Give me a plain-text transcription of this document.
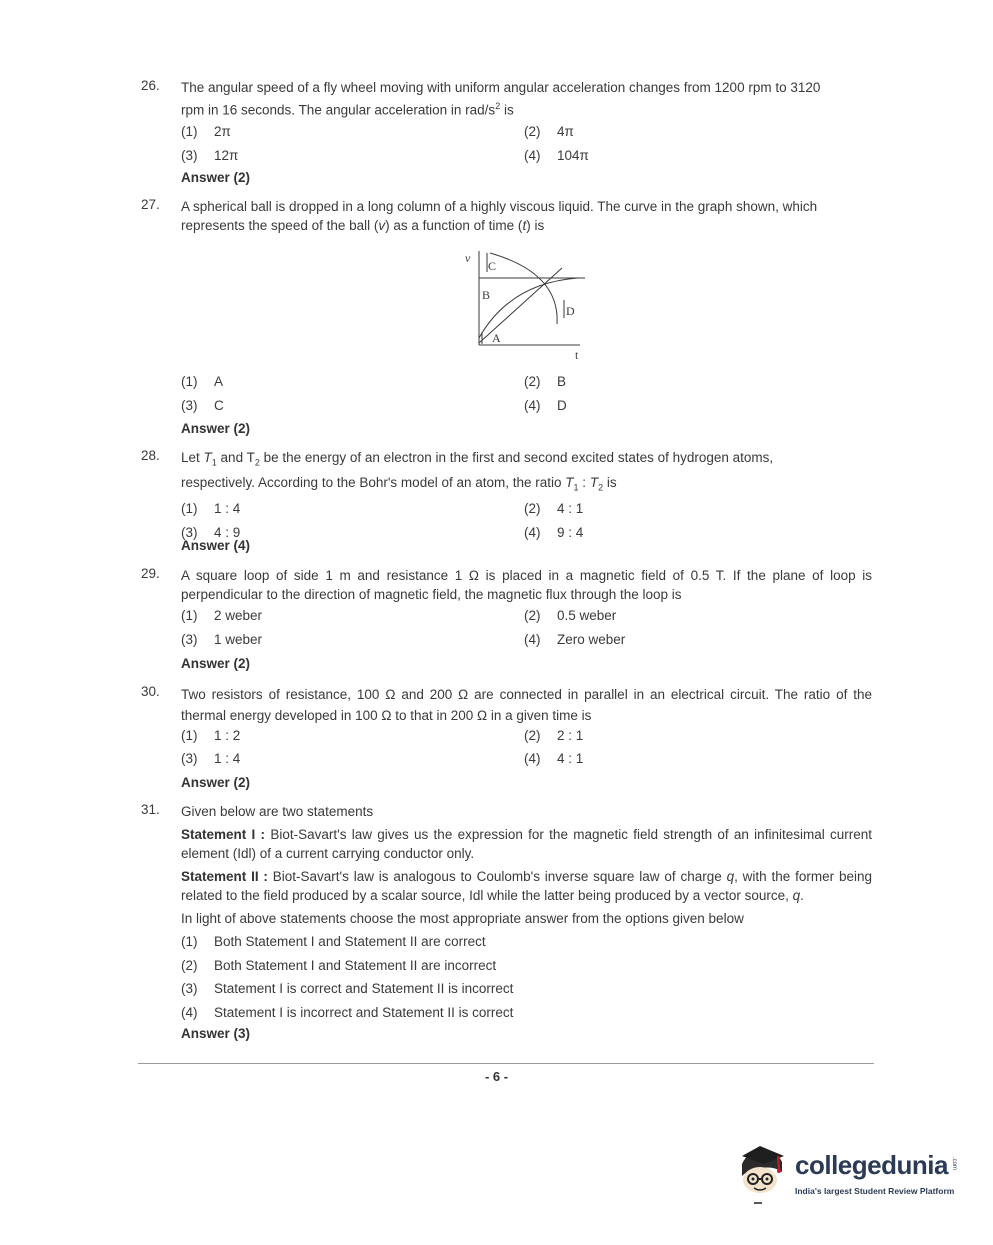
26. The angular speed of a fly wheel moving with uniform angular acceleration changes from 1200 rpm to 3120
rpm in 16 seconds. The angular acceleration in rad/$s^2$ is
(1) 2π	(2) 4π
(3) 12π	(4) 104π
Answer (2)
27. A spherical ball is dropped in a long column of a highly viscous liquid. The curve in the graph shown, which
represents the speed of the ball (v) as a function of time (t) is
v
t
C
B
D
A
(1) A	(2) B
(3) C	(4) D
Answer (2)
28. Let $T_1$ and $T_2$ be the energy of an electron in the first and second excited states of hydrogen atoms,
respectively. According to the Bohr's model of an atom, the ratio $T_1$ : $T_2$ is
(1) 1 : 4	(2) 4 : 1
(3) 4 : 9	(4) 9 : 4
Answer (4)
29. A square loop of side 1 m and resistance 1 Ω is placed in a magnetic field of 0.5 T. If the plane of loop is perpendicular to the direction of magnetic field, the magnetic flux through the loop is
(1) 2 weber	(2) 0.5 weber
(3) 1 weber	(4) Zero weber
Answer (2)
30. Two resistors of resistance, 100 Ω and 200 Ω are connected in parallel in an electrical circuit. The ratio of the thermal energy developed in 100 Ω to that in 200 Ω in a given time is
(1) 1 : 2	(2) 2 : 1
(3) 1 : 4	(4) 4 : 1
Answer (2)
31. Given below are two statements
Statement I : Biot-Savart's law gives us the expression for the magnetic field strength of an infinitesimal current element (Idl) of a current carrying conductor only.
Statement II : Biot-Savart's law is analogous to Coulomb's inverse square law of charge q, with the former being related to the field produced by a scalar source, Idl while the latter being produced by a vector source, q.
In light of above statements choose the most appropriate answer from the options given below
(1) Both Statement I and Statement II are correct
(2) Both Statement I and Statement II are incorrect
(3) Statement I is correct and Statement II is incorrect
(4) Statement I is incorrect and Statement II is correct
Answer (3)
- 6 -
collegedunia .com
India's largest Student Review Platform
